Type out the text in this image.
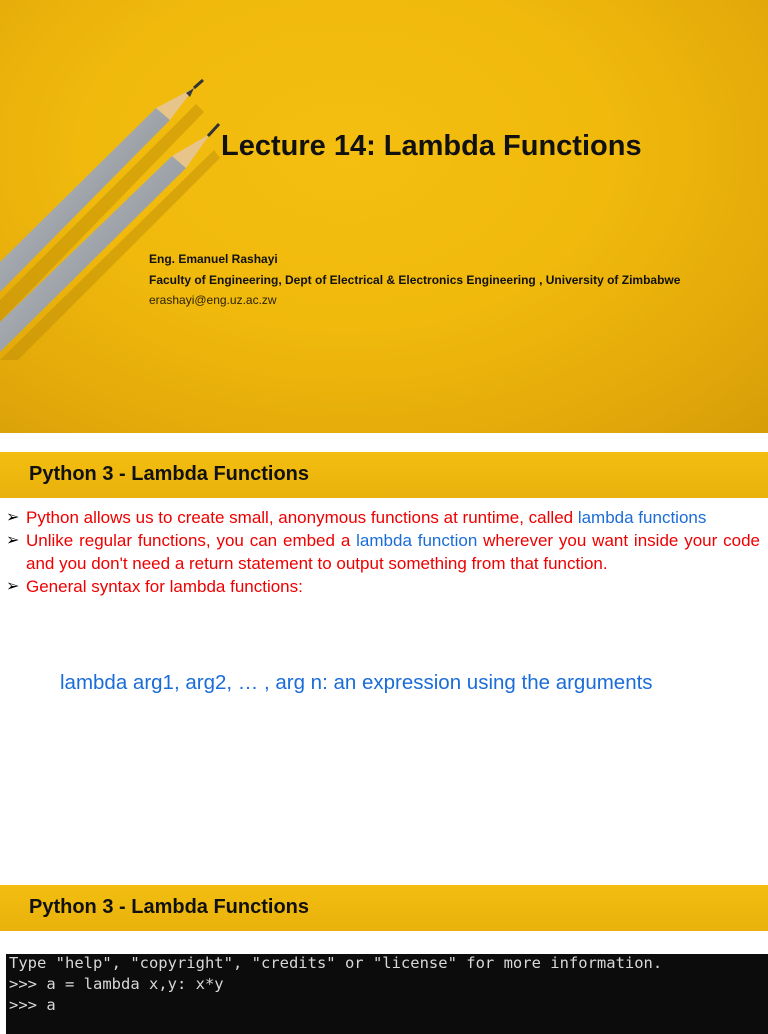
Lecture 14: Lambda Functions

Eng. Emanuel Rashayi

Faculty of Engineering, Dept of Electrical & Electronics Engineering , University of Zimbabwe

erashayi@eng.uz.ac.zw

Python 3 - Lambda Functions
➢ Python allows us to create small, anonymous functions at runtime, called lambda functions
➢ Unlike regular functions, you can embed a lambda function wherever you want inside your code and you don't need a return statement to output something from that function.
➢ General syntax for lambda functions:

lambda arg1, arg2, … , arg n: an expression using the arguments

Python 3 - Lambda Functions
Type "help", "copyright", "credits" or "license" for more information.
>>> a = lambda x,y: x*y
>>> a
